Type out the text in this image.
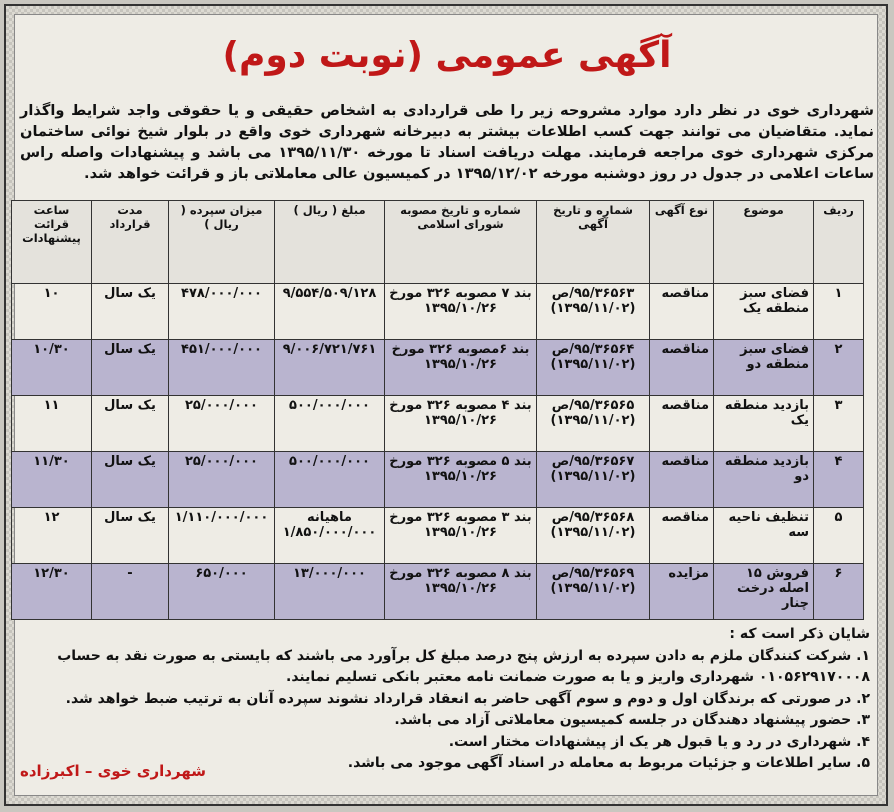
آگهی عمومی (نوبت دوم)
شهرداری خوی در نظر دارد موارد مشروحه زیر را طی قراردادی به اشخاص حقیقی و یا حقوقی واجد شرایط واگذار نماید. متقاضیان می توانند جهت کسب اطلاعات بیشتر به دبیرخانه شهرداری خوی واقع در بلوار شیخ نوائی ساختمان مرکزی شهرداری خوی مراجعه فرمایند. مهلت دریافت اسناد تا مورخه ۱۳۹۵/۱۱/۳۰ می باشد و پیشنهادات واصله راس ساعات اعلامی در جدول در روز دوشنبه مورخه ۱۳۹۵/۱۲/۰۲ در کمیسیون عالی معاملاتی باز و قرائت خواهد شد.
ردیف	موضوع	نوع آگهی	شماره و تاریخ آگهی	شماره و تاریخ مصوبه شورای اسلامی	مبلغ ( ریال )	میزان سپرده ( ریال )	مدت قرارداد	ساعت قرائت پیشنهادات
۱	فضای سبز منطقه یک	مناقصه	۹۵/۳۶۵۶۳/ص (۱۳۹۵/۱۱/۰۲)	بند ۷ مصوبه ۳۲۶ مورخ ۱۳۹۵/۱۰/۲۶	۹/۵۵۴/۵۰۹/۱۲۸	۴۷۸/۰۰۰/۰۰۰	یک سال	۱۰
۲	فضای سبز منطقه دو	مناقصه	۹۵/۳۶۵۶۴/ص (۱۳۹۵/۱۱/۰۲)	بند ۶مصوبه ۳۲۶ مورخ ۱۳۹۵/۱۰/۲۶	۹/۰۰۶/۷۲۱/۷۶۱	۴۵۱/۰۰۰/۰۰۰	یک سال	۱۰/۳۰
۳	بازدید منطقه یک	مناقصه	۹۵/۳۶۵۶۵/ص (۱۳۹۵/۱۱/۰۲)	بند ۴ مصوبه ۳۲۶ مورخ ۱۳۹۵/۱۰/۲۶	۵۰۰/۰۰۰/۰۰۰	۲۵/۰۰۰/۰۰۰	یک سال	۱۱
۴	بازدید منطقه دو	مناقصه	۹۵/۳۶۵۶۷/ص (۱۳۹۵/۱۱/۰۲)	بند ۵ مصوبه ۳۲۶ مورخ ۱۳۹۵/۱۰/۲۶	۵۰۰/۰۰۰/۰۰۰	۲۵/۰۰۰/۰۰۰	یک سال	۱۱/۳۰
۵	تنظیف ناحیه سه	مناقصه	۹۵/۳۶۵۶۸/ص (۱۳۹۵/۱۱/۰۲)	بند ۳ مصوبه ۳۲۶ مورخ ۱۳۹۵/۱۰/۲۶	ماهیانه ۱/۸۵۰/۰۰۰/۰۰۰	۱/۱۱۰/۰۰۰/۰۰۰	یک سال	۱۲
۶	فروش ۱۵ اصله درخت چنار	مزایده	۹۵/۳۶۵۶۹/ص (۱۳۹۵/۱۱/۰۲)	بند ۸ مصوبه ۳۲۶ مورخ ۱۳۹۵/۱۰/۲۶	۱۳/۰۰۰/۰۰۰	۶۵۰/۰۰۰	-	۱۲/۳۰

شایان ذکر است که :

۱. شرکت کنندگان ملزم به دادن سپرده به ارزش پنج درصد مبلغ کل برآورد می باشند که بایستی به صورت نقد به حساب ۰۱۰۵۶۲۹۱۷۰۰۰۸ شهرداری واریز و یا به صورت ضمانت نامه معتبر بانکی تسلیم نمایند.

۲. در صورتی که برندگان اول و دوم و سوم آگهی حاضر به انعقاد قرارداد نشوند سپرده آنان به ترتیب ضبط خواهد شد.

۳. حضور پیشنهاد دهندگان در جلسه کمیسیون معاملاتی آزاد می باشد.

۴. شهرداری در رد و یا قبول هر یک از پیشنهادات مختار است.

۵. سایر اطلاعات و جزئیات مربوط به معامله در اسناد آگهی موجود می باشد.

شهرداری خوی – اکبرزاده
